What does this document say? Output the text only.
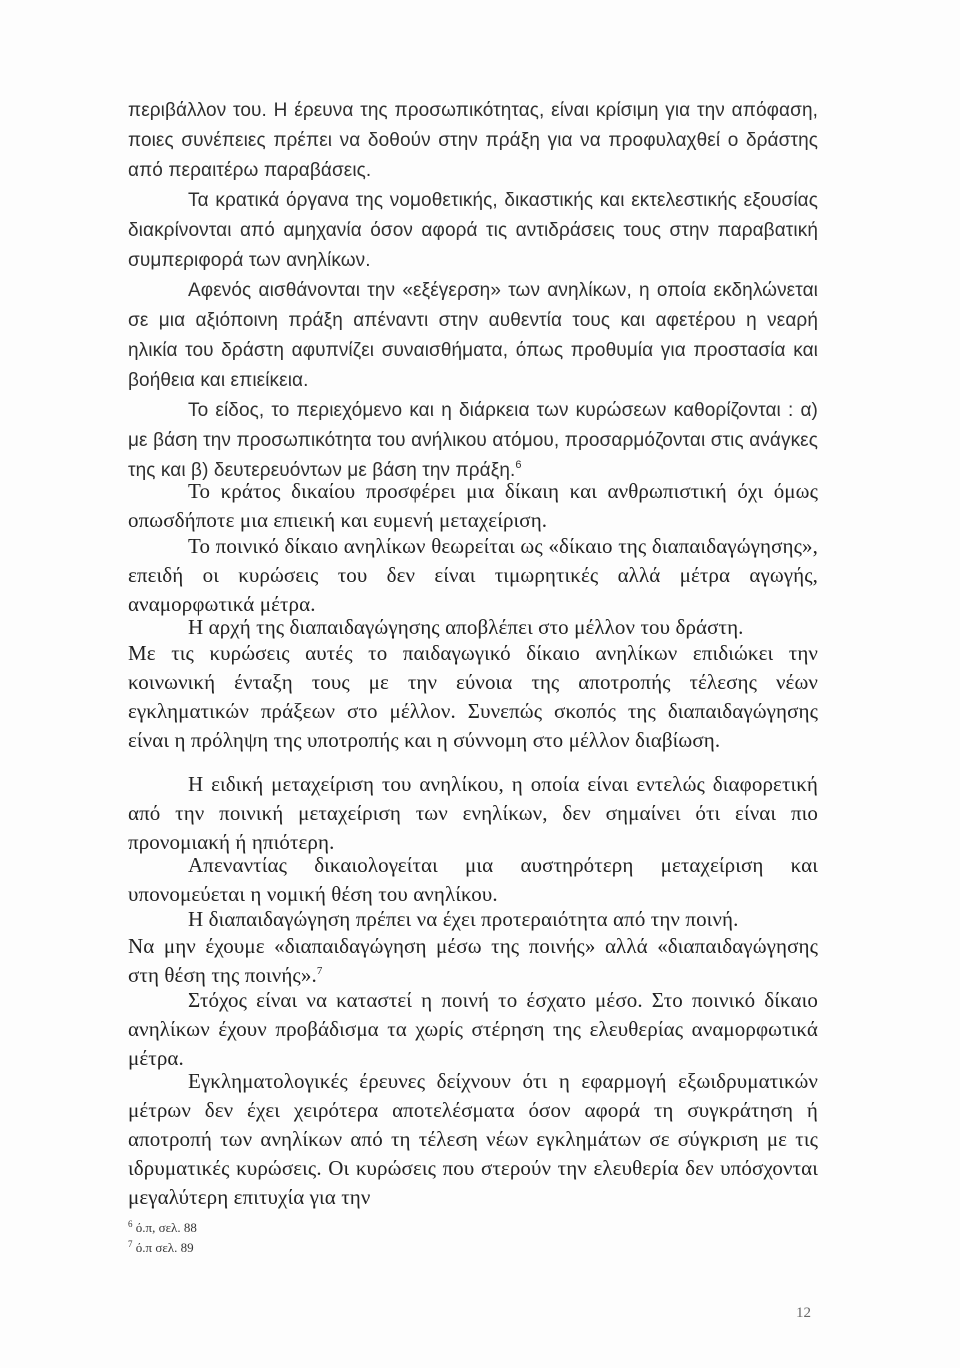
περιβάλλον του. Η έρευνα της προσωπικότητας, είναι κρίσιμη για την απόφαση, ποιες συνέπειες πρέπει να δοθούν στην πράξη για να προφυλαχθεί ο δράστης από περαιτέρω παραβάσεις.

Τα κρατικά όργανα της νομοθετικής, δικαστικής και εκτελεστικής εξουσίας διακρίνονται από αμηχανία όσον αφορά τις αντιδράσεις τους στην παραβατική συμπεριφορά των ανηλίκων.

Αφενός αισθάνονται την «εξέγερση» των ανηλίκων, η οποία εκδηλώνεται σε μια αξιόποινη πράξη απέναντι στην αυθεντία τους και αφετέρου η νεαρή ηλικία του δράστη αφυπνίζει συναισθήματα, όπως προθυμία για προστασία και βοήθεια και επιείκεια.

Το είδος, το περιεχόμενο και η διάρκεια των κυρώσεων καθορίζονται : α) με βάση την προσωπικότητα του ανήλικου ατόμου, προσαρμόζονται στις ανάγκες της και β) δευτερευόντων με βάση την πράξη.$^6$

Το κράτος δικαίου προσφέρει μια δίκαιη και ανθρωπιστική όχι όμως οπωσδήποτε μια επιεική και ευμενή μεταχείριση.

Το ποινικό δίκαιο ανηλίκων θεωρείται ως «δίκαιο της διαπαιδαγώγησης», επειδή οι κυρώσεις του δεν είναι τιμωρητικές αλλά μέτρα αγωγής, αναμορφωτικά μέτρα.

Η αρχή της διαπαιδαγώγησης αποβλέπει στο μέλλον του δράστη.

Με τις κυρώσεις αυτές το παιδαγωγικό δίκαιο ανηλίκων επιδιώκει την κοινωνική ένταξη τους με την εύνοια της αποτροπής τέλεσης νέων εγκληματικών πράξεων στο μέλλον. Συνεπώς σκοπός της διαπαιδαγώγησης είναι η πρόληψη της υποτροπής και η σύννομη στο μέλλον διαβίωση.

Η ειδική μεταχείριση του ανηλίκου, η οποία είναι εντελώς διαφορετική από την ποινική μεταχείριση των ενηλίκων, δεν σημαίνει ότι είναι πιο προνομιακή ή ηπιότερη.

Απεναντίας δικαιολογείται μια αυστηρότερη μεταχείριση και υπονομεύεται η νομική θέση του ανηλίκου.

Η διαπαιδαγώγηση πρέπει να έχει προτεραιότητα από την ποινή.

Να μην έχουμε «διαπαιδαγώγηση μέσω της ποινής» αλλά «διαπαιδαγώγησης στη θέση της ποινής».$^7$

Στόχος είναι να καταστεί η ποινή το έσχατο μέσο. Στο ποινικό δίκαιο ανηλίκων έχουν προβάδισμα τα χωρίς στέρηση της ελευθερίας αναμορφωτικά μέτρα.

Εγκληματολογικές έρευνες δείχνουν ότι η εφαρμογή εξωιδρυματικών μέτρων δεν έχει χειρότερα αποτελέσματα όσον αφορά τη συγκράτηση ή αποτροπή των ανηλίκων από τη τέλεση νέων εγκλημάτων σε σύγκριση με τις ιδρυματικές κυρώσεις. Οι κυρώσεις που στερούν την ελευθερία δεν υπόσχονται μεγαλύτερη επιτυχία για την

$^6$ ό.π, σελ. 88

$^7$ ό.π σελ. 89

12
